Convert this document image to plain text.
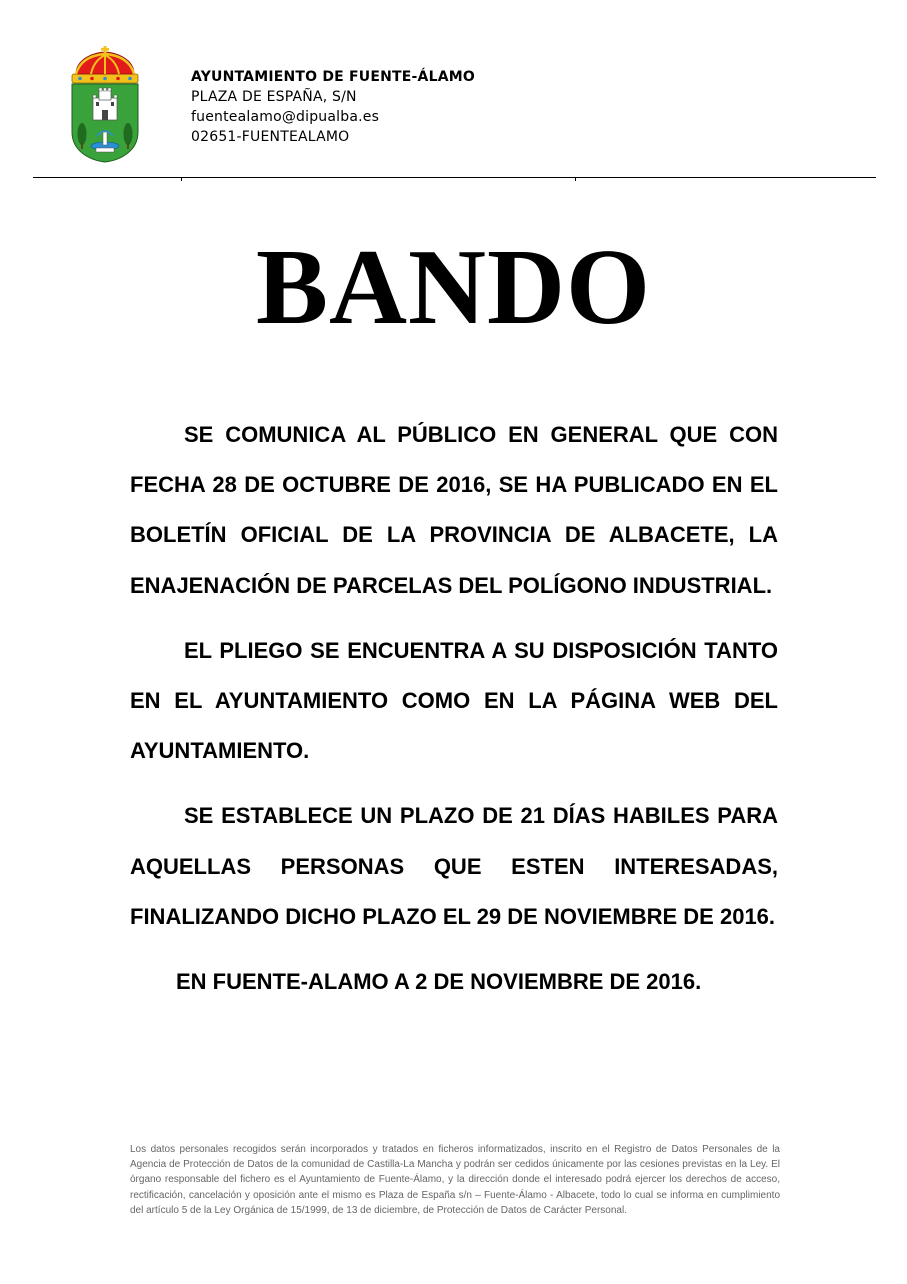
AYUNTAMIENTO DE FUENTE-ÁLAMO
PLAZA DE ESPAÑA, S/N
fuentealamo@dipualba.es
02651-FUENTEALAMO
BANDO

SE COMUNICA AL PÚBLICO EN GENERAL QUE CON FECHA 28 DE OCTUBRE DE 2016, SE HA PUBLICADO EN EL BOLETÍN OFICIAL DE LA PROVINCIA DE ALBACETE, LA ENAJENACIÓN DE PARCELAS DEL POLÍGONO INDUSTRIAL.

EL PLIEGO SE ENCUENTRA A SU DISPOSICIÓN TANTO EN EL AYUNTAMIENTO COMO EN LA PÁGINA WEB DEL AYUNTAMIENTO.

SE ESTABLECE UN PLAZO DE 21 DÍAS HABILES PARA AQUELLAS PERSONAS QUE ESTEN INTERESADAS, FINALIZANDO DICHO PLAZO EL 29 DE NOVIEMBRE DE 2016.

EN FUENTE-ALAMO A 2 DE NOVIEMBRE DE 2016.

Los datos personales recogidos serán incorporados y tratados en ficheros informatizados, inscrito en el Registro de Datos Personales de la Agencia de Protección de Datos de la comunidad de Castilla-La Mancha y podrán ser cedidos únicamente por las cesiones previstas en la Ley. El órgano responsable del fichero es el Ayuntamiento de Fuente-Álamo, y la dirección donde el interesado podrá ejercer los derechos de acceso, rectificación, cancelación y oposición ante el mismo es Plaza de España s/n – Fuente-Álamo - Albacete, todo lo cual se informa en cumplimiento del artículo 5 de la Ley Orgánica de 15/1999, de 13 de diciembre, de Protección de Datos de Carácter Personal.
